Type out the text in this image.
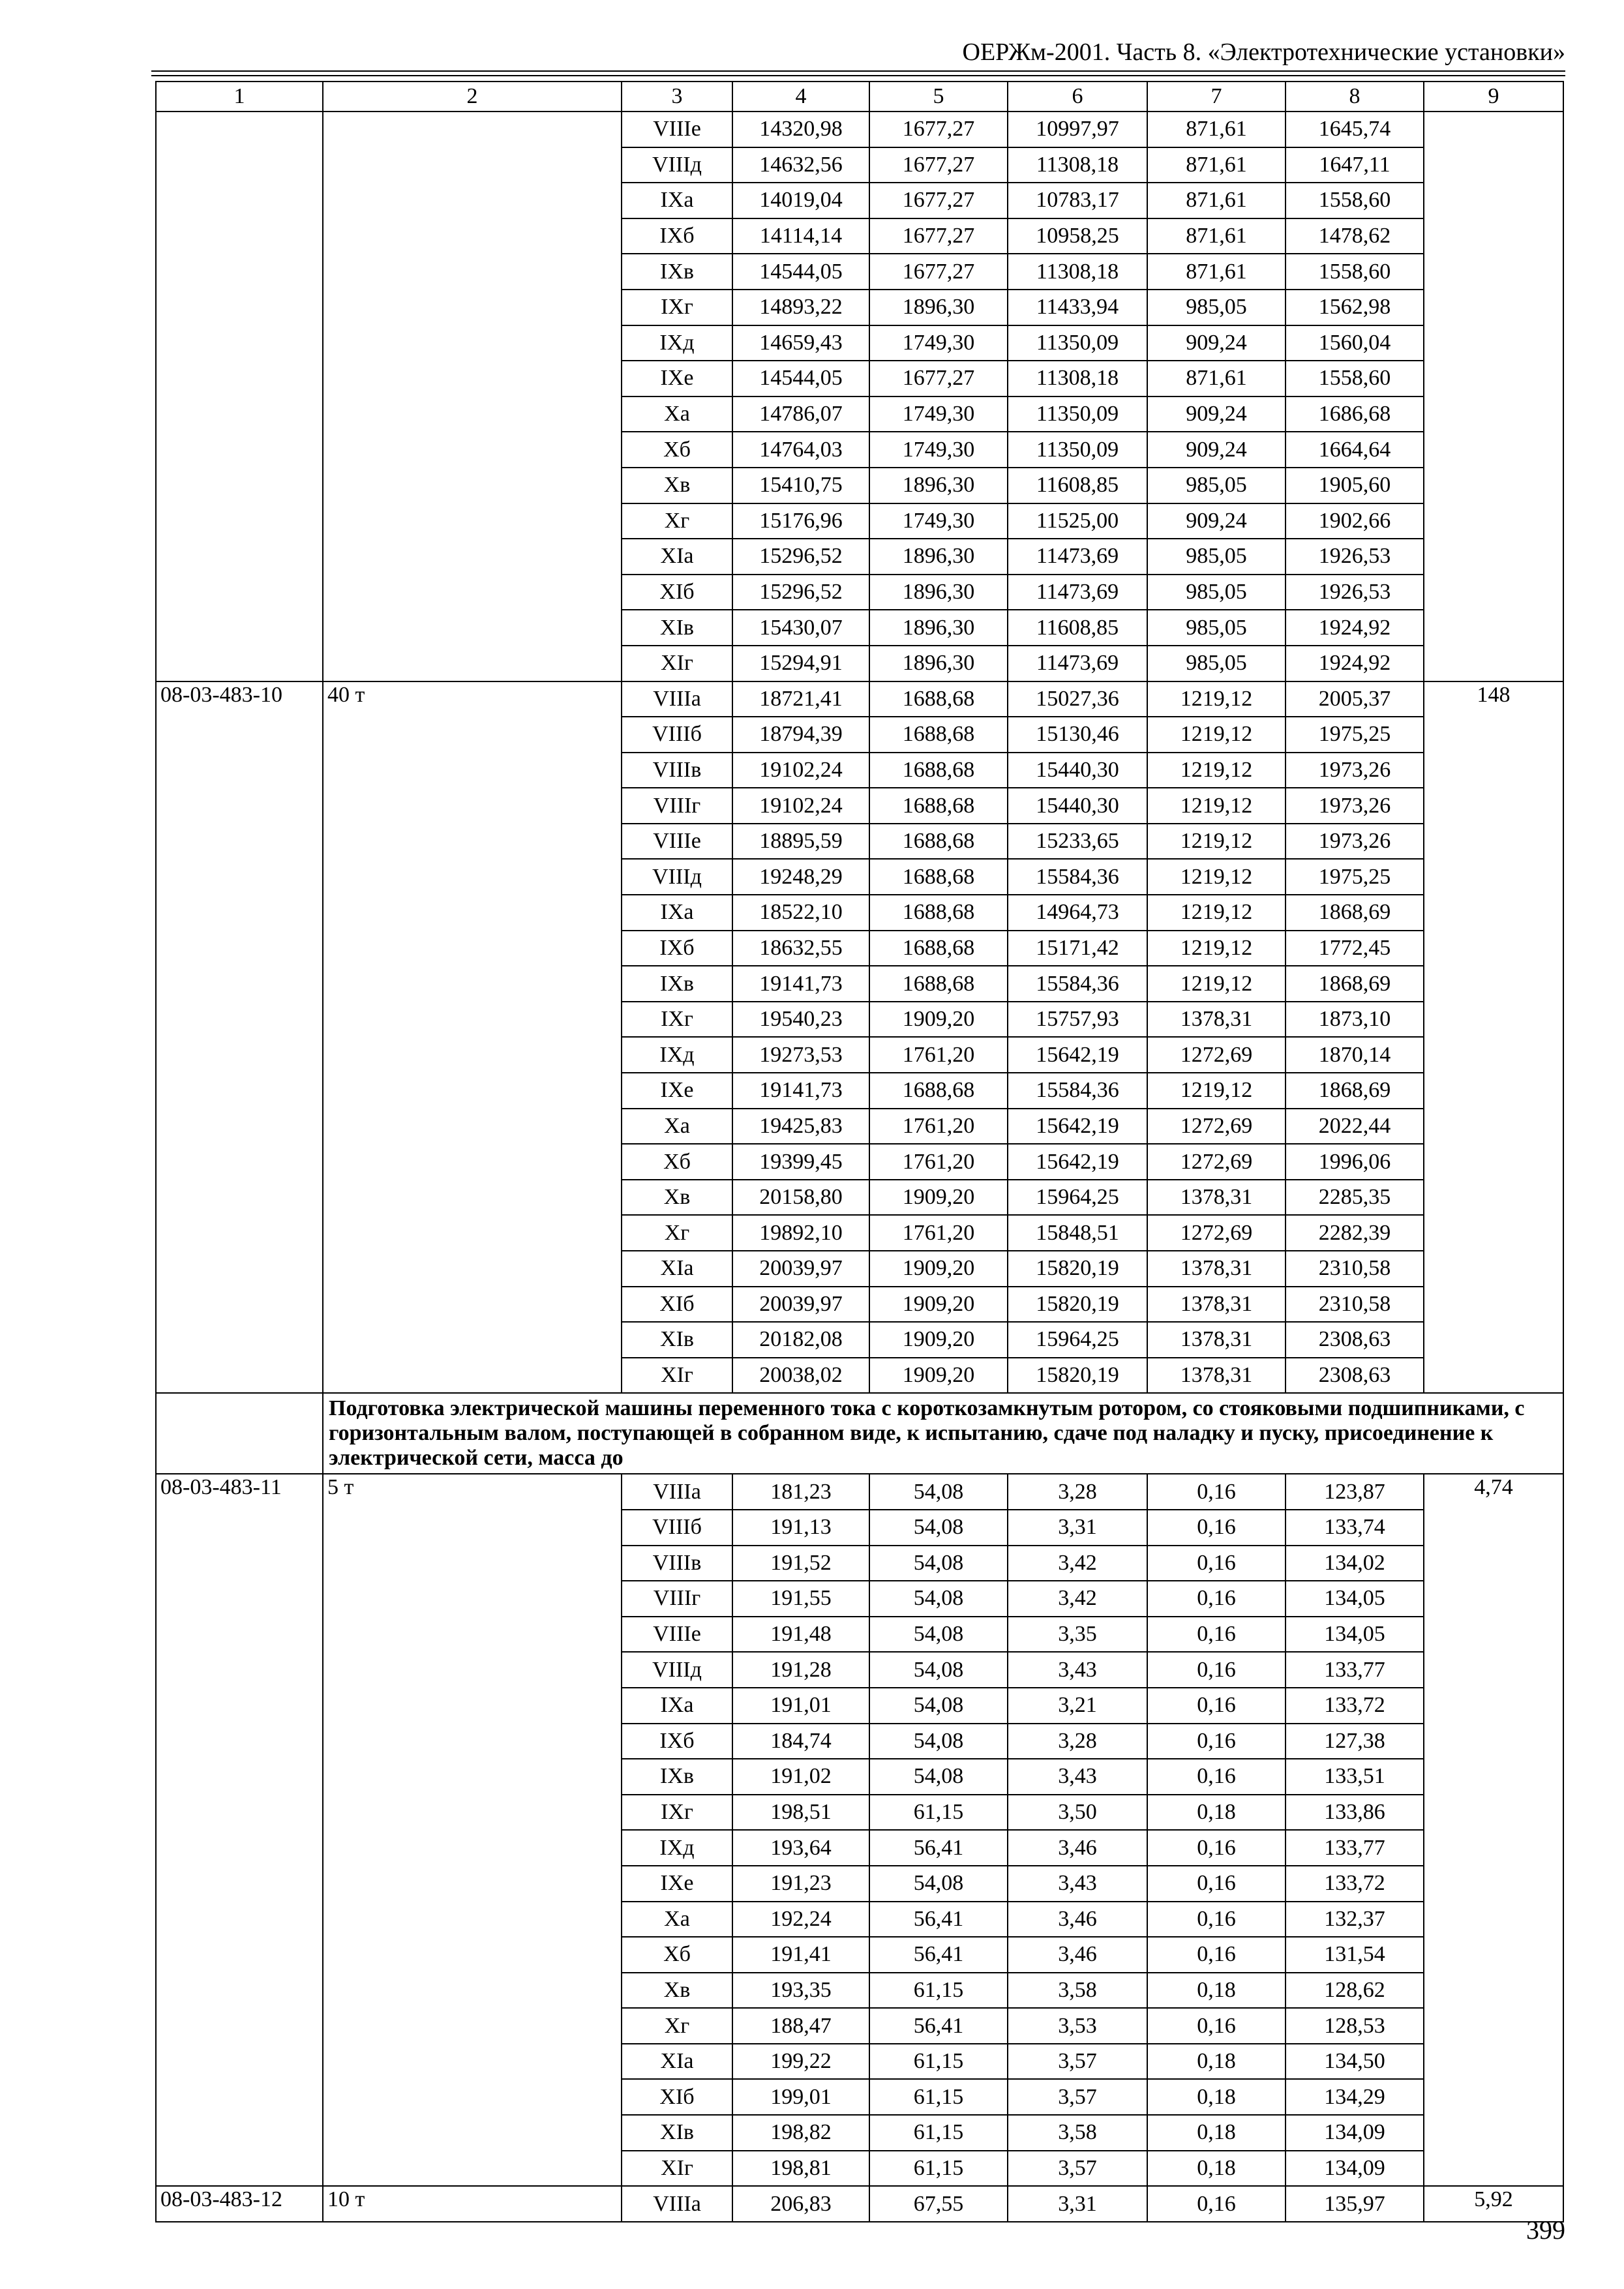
ОЕРЖм-2001. Часть 8. «Электротехнические установки»
1	2	3	4	5	6	7	8	9
		VIIIе	14320,98	1677,27	10997,97	871,61	1645,74	
		VIIIд	14632,56	1677,27	11308,18	871,61	1647,11	
		IXа	14019,04	1677,27	10783,17	871,61	1558,60	
		IXб	14114,14	1677,27	10958,25	871,61	1478,62	
		IXв	14544,05	1677,27	11308,18	871,61	1558,60	
		IXг	14893,22	1896,30	11433,94	985,05	1562,98	
		IXд	14659,43	1749,30	11350,09	909,24	1560,04	
		IXе	14544,05	1677,27	11308,18	871,61	1558,60	
		Xа	14786,07	1749,30	11350,09	909,24	1686,68	
		Xб	14764,03	1749,30	11350,09	909,24	1664,64	
		Xв	15410,75	1896,30	11608,85	985,05	1905,60	
		Xг	15176,96	1749,30	11525,00	909,24	1902,66	
		XIа	15296,52	1896,30	11473,69	985,05	1926,53	
		XIб	15296,52	1896,30	11473,69	985,05	1926,53	
		XIв	15430,07	1896,30	11608,85	985,05	1924,92	
		XIг	15294,91	1896,30	11473,69	985,05	1924,92	
08-03-483-10	40 т	VIIIа	18721,41	1688,68	15027,36	1219,12	2005,37	148
		VIIIб	18794,39	1688,68	15130,46	1219,12	1975,25	
		VIIIв	19102,24	1688,68	15440,30	1219,12	1973,26	
		VIIIг	19102,24	1688,68	15440,30	1219,12	1973,26	
		VIIIе	18895,59	1688,68	15233,65	1219,12	1973,26	
		VIIIд	19248,29	1688,68	15584,36	1219,12	1975,25	
		IXа	18522,10	1688,68	14964,73	1219,12	1868,69	
		IXб	18632,55	1688,68	15171,42	1219,12	1772,45	
		IXв	19141,73	1688,68	15584,36	1219,12	1868,69	
		IXг	19540,23	1909,20	15757,93	1378,31	1873,10	
		IXд	19273,53	1761,20	15642,19	1272,69	1870,14	
		IXе	19141,73	1688,68	15584,36	1219,12	1868,69	
		Xа	19425,83	1761,20	15642,19	1272,69	2022,44	
		Xб	19399,45	1761,20	15642,19	1272,69	1996,06	
		Xв	20158,80	1909,20	15964,25	1378,31	2285,35	
		Xг	19892,10	1761,20	15848,51	1272,69	2282,39	
		XIа	20039,97	1909,20	15820,19	1378,31	2310,58	
		XIб	20039,97	1909,20	15820,19	1378,31	2310,58	
		XIв	20182,08	1909,20	15964,25	1378,31	2308,63	
		XIг	20038,02	1909,20	15820,19	1378,31	2308,63	
	Подготовка электрической машины переменного тока с короткозамкнутым ротором, со стояковыми подшипниками, с горизонтальным валом, поступающей в собранном виде, к испытанию, сдаче под наладку и пуску, присоединение к электрической сети, масса до							
08-03-483-11	5 т	VIIIа	181,23	54,08	3,28	0,16	123,87	4,74
		VIIIб	191,13	54,08	3,31	0,16	133,74	
		VIIIв	191,52	54,08	3,42	0,16	134,02	
		VIIIг	191,55	54,08	3,42	0,16	134,05	
		VIIIе	191,48	54,08	3,35	0,16	134,05	
		VIIIд	191,28	54,08	3,43	0,16	133,77	
		IXа	191,01	54,08	3,21	0,16	133,72	
		IXб	184,74	54,08	3,28	0,16	127,38	
		IXв	191,02	54,08	3,43	0,16	133,51	
		IXг	198,51	61,15	3,50	0,18	133,86	
		IXд	193,64	56,41	3,46	0,16	133,77	
		IXе	191,23	54,08	3,43	0,16	133,72	
		Xа	192,24	56,41	3,46	0,16	132,37	
		Xб	191,41	56,41	3,46	0,16	131,54	
		Xв	193,35	61,15	3,58	0,18	128,62	
		Xг	188,47	56,41	3,53	0,16	128,53	
		XIа	199,22	61,15	3,57	0,18	134,50	
		XIб	199,01	61,15	3,57	0,18	134,29	
		XIв	198,82	61,15	3,58	0,18	134,09	
		XIг	198,81	61,15	3,57	0,18	134,09	
08-03-483-12	10 т	VIIIа	206,83	67,55	3,31	0,16	135,97	5,92
399
